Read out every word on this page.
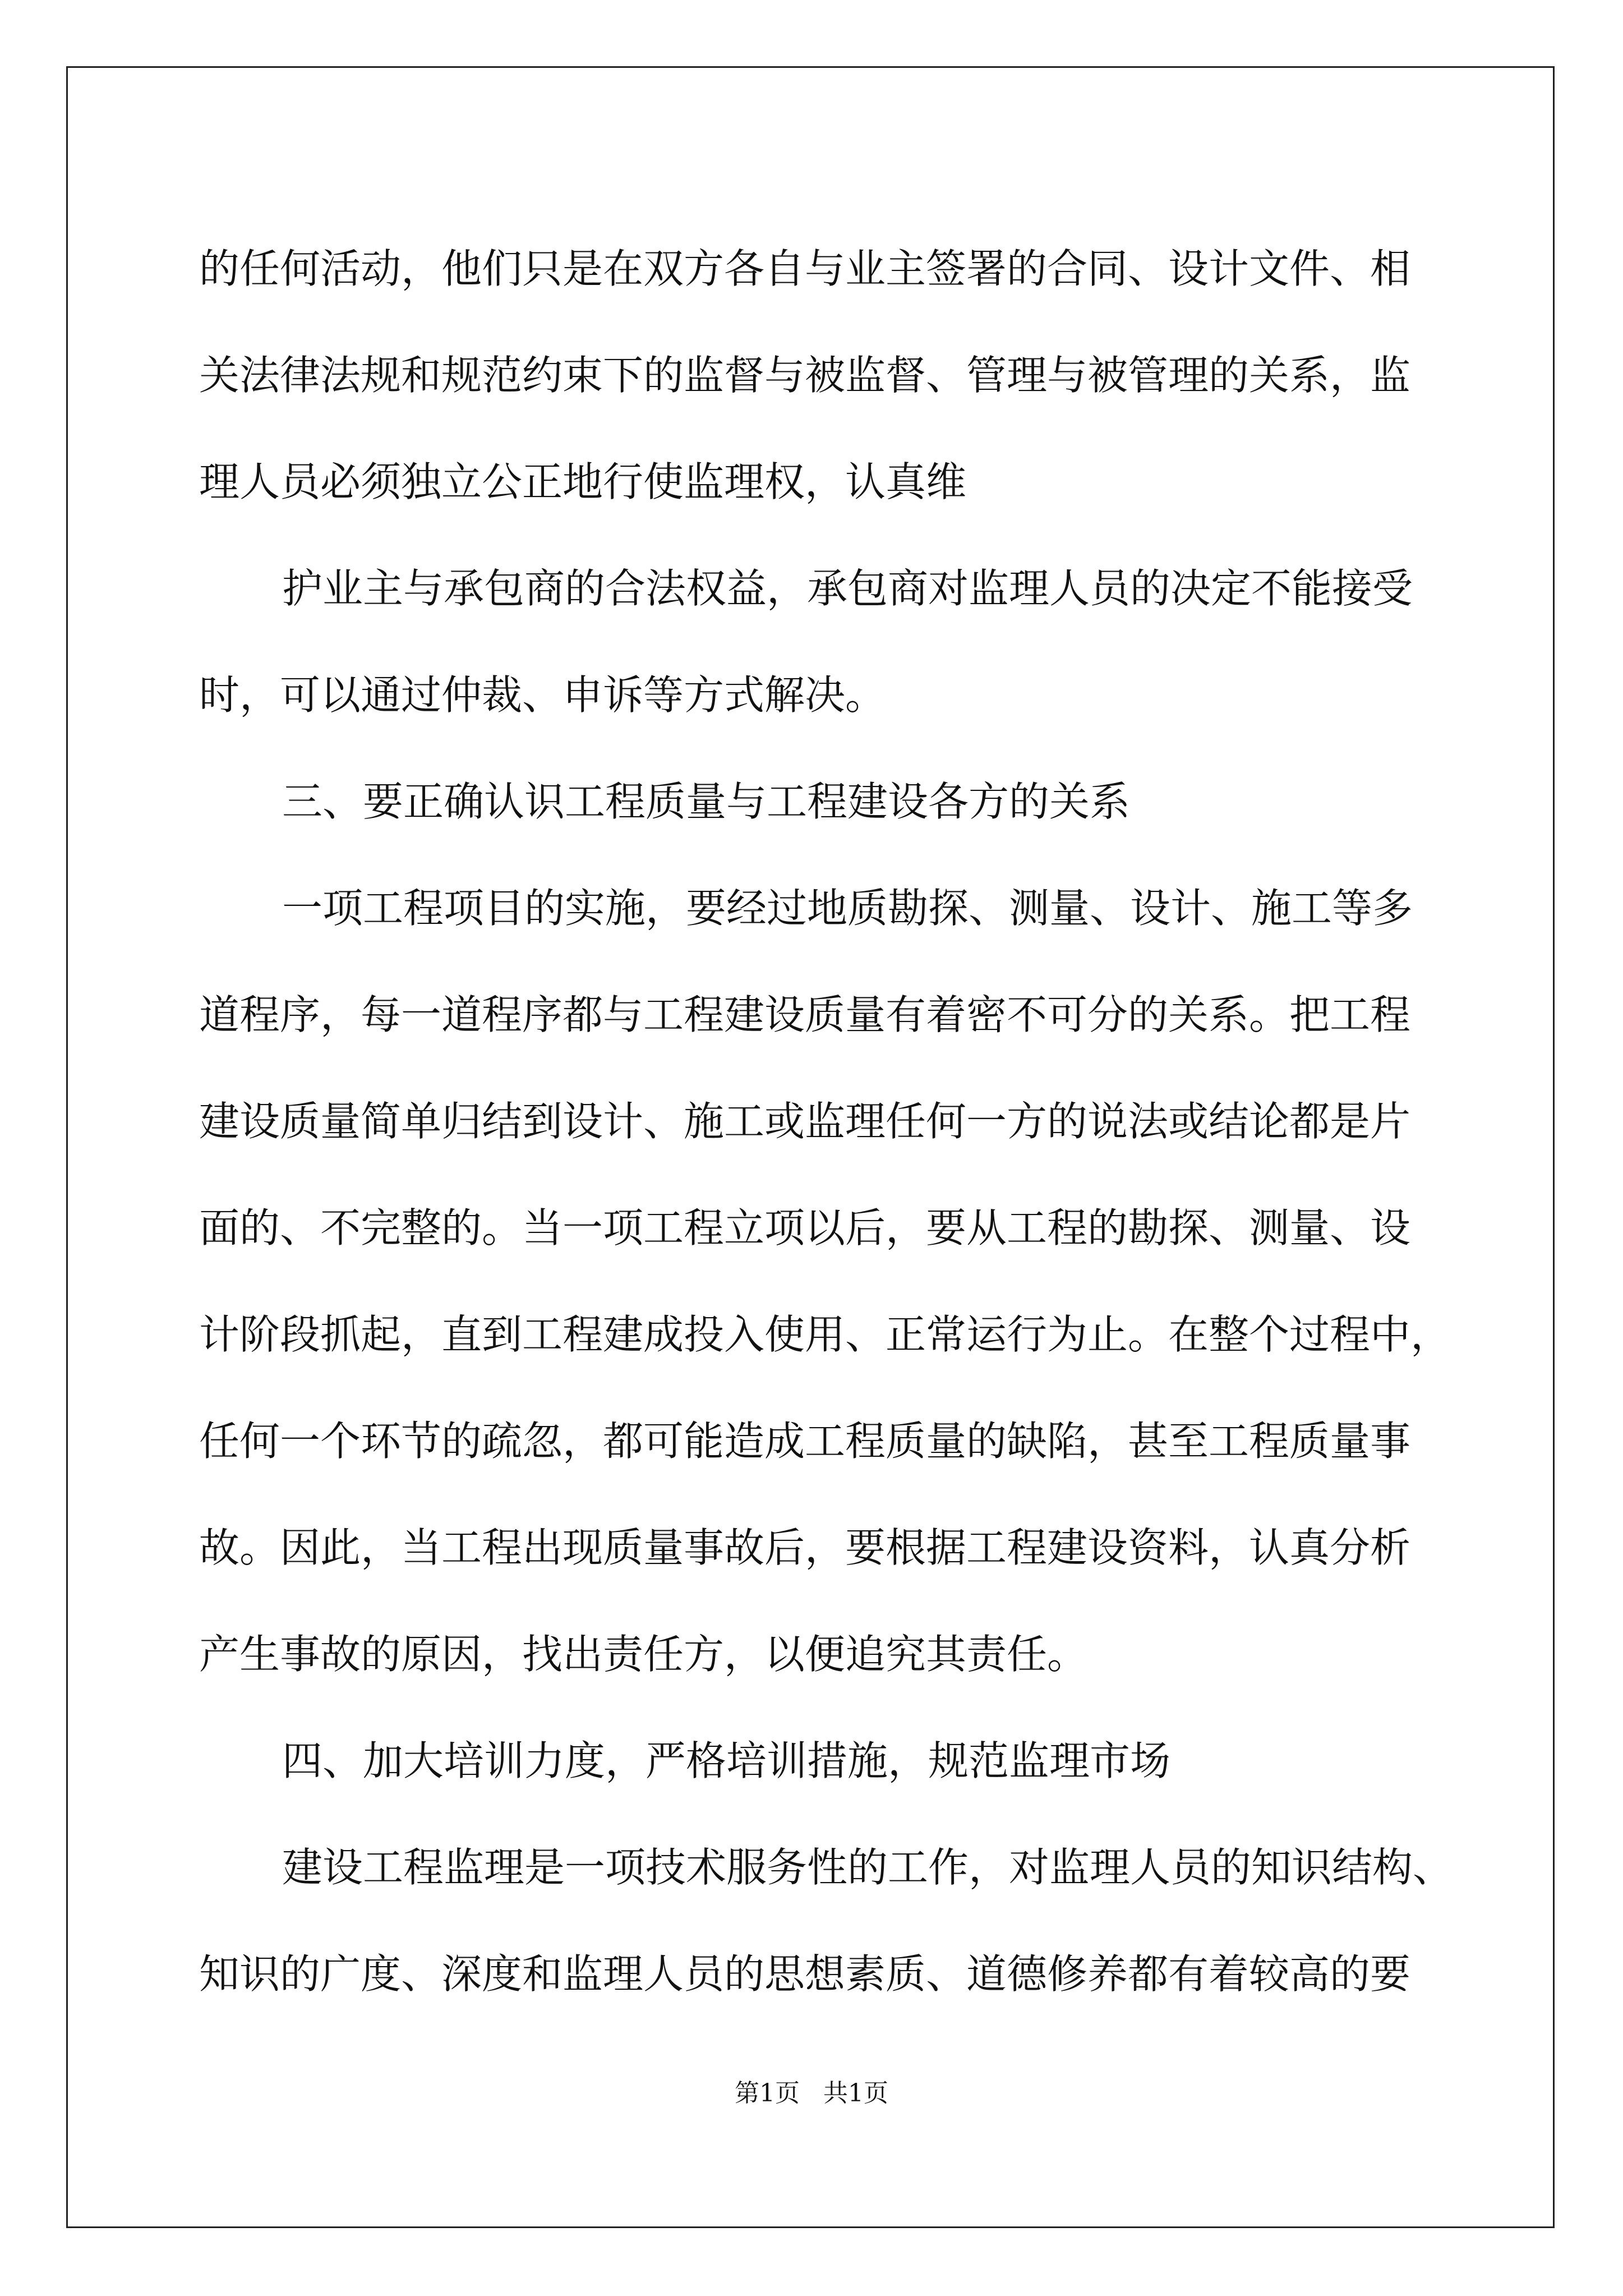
的任何活动，他们只是在双方各自与业主签署的合同、设计文件、相
关法律法规和规范约束下的监督与被监督、管理与被管理的关系，监
理人员必须独立公正地行使监理权，认真维
护业主与承包商的合法权益，承包商对监理人员的决定不能接受
时，可以通过仲裁、申诉等方式解决。
三、要正确认识工程质量与工程建设各方的关系
一项工程项目的实施，要经过地质勘探、测量、设计、施工等多
道程序，每一道程序都与工程建设质量有着密不可分的关系。把工程
建设质量简单归结到设计、施工或监理任何一方的说法或结论都是片
面的、不完整的。当一项工程立项以后，要从工程的勘探、测量、设
计阶段抓起，直到工程建成投入使用、正常运行为止。在整个过程中，
任何一个环节的疏忽，都可能造成工程质量的缺陷，甚至工程质量事
故。因此，当工程出现质量事故后，要根据工程建设资料，认真分析
产生事故的原因，找出责任方，以便追究其责任。
四、加大培训力度，严格培训措施，规范监理市场
建设工程监理是一项技术服务性的工作，对监理人员的知识结构、
知识的广度、深度和监理人员的思想素质、道德修养都有着较高的要
第1页   共1页
